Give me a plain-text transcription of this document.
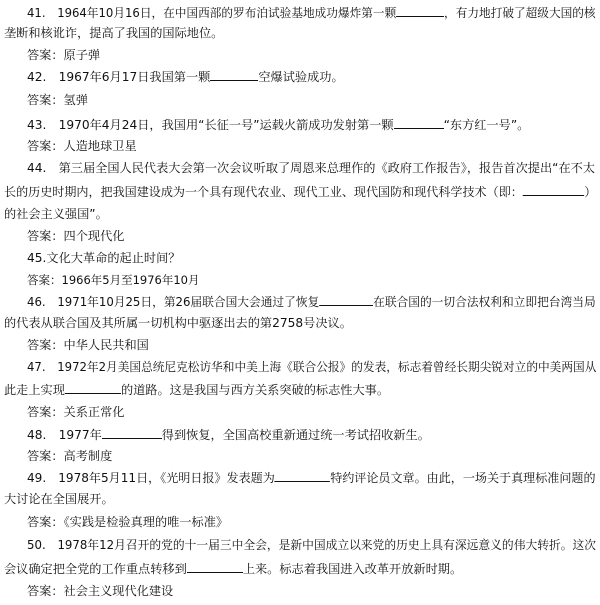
41.　1964年10月16日，在中国西部的罗布泊试验基地成功爆炸第一颗	，有力地打破了超级大国的核
垄断和核讹诈，提高了我国的国际地位。
答案：原子弹
42.　1967年6月17日我国第一颗	空爆试验成功。
答案：氢弹
43.　1970年4月24日，我国用“长征一号”运载火箭成功发射第一颗	“东方红一号”。
答案：人造地球卫星
44.　第三届全国人民代表大会第一次会议听取了周恩来总理作的《政府工作报告》，报告首次提出“在不太
长的历史时期内，把我国建设成为一个具有现代农业、现代工业、现代国防和现代科学技术（即：	）
的社会主义强国”。
答案：四个现代化
45.文化大革命的起止时间？
答案：1966年5月至1976年10月
46.　1971年10月25日，第26届联合国大会通过了恢复	在联合国的一切合法权利和立即把台湾当局
的代表从联合国及其所属一切机构中驱逐出去的第2758号决议。
答案：中华人民共和国
47.　1972年2月美国总统尼克松访华和中美上海《联合公报》的发表，标志着曾经长期尖锐对立的中美两国从
此走上实现	的道路。这是我国与西方关系突破的标志性大事。
答案：关系正常化
48.　1977年	得到恢复，全国高校重新通过统一考试招收新生。
答案：高考制度
49.　1978年5月11日，《光明日报》发表题为	特约评论员文章。由此，一场关于真理标准问题的
大讨论在全国展开。
答案：《实践是检验真理的唯一标准》
50.　1978年12月召开的党的十一届三中全会，是新中国成立以来党的历史上具有深远意义的伟大转折。这次
会议确定把全党的工作重点转移到	上来。标志着我国进入改革开放新时期。
答案：社会主义现代化建设
